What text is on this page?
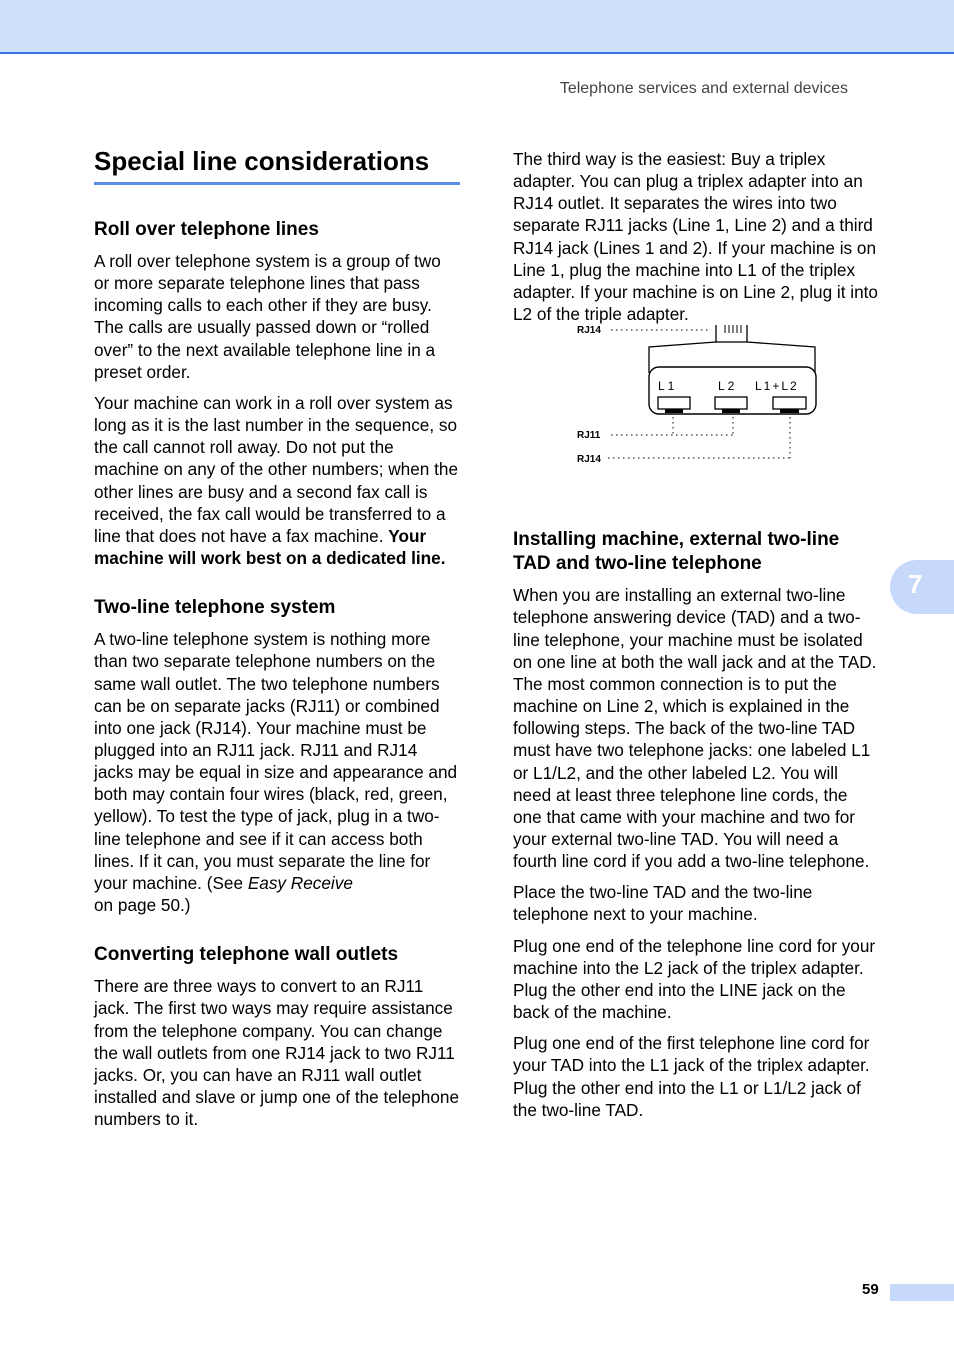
Telephone services and external devices
Special line considerations
Roll over telephone lines

A roll over telephone system is a group of two or more separate telephone lines that pass incoming calls to each other if they are busy. The calls are usually passed down or “rolled over” to the next available telephone line in a preset order.

Your machine can work in a roll over system as long as it is the last number in the sequence, so the call cannot roll away. Do not put the machine on any of the other numbers; when the other lines are busy and a second fax call is received, the fax call would be transferred to a line that does not have a fax machine. Your machine will work best on a dedicated line.

Two-line telephone system

A two-line telephone system is nothing more than two separate telephone numbers on the same wall outlet. The two telephone numbers can be on separate jacks (RJ11) or combined into one jack (RJ14). Your machine must be plugged into an RJ11 jack. RJ11 and RJ14 jacks may be equal in size and appearance and both may contain four wires (black, red, green, yellow). To test the type of jack, plug in a two-line telephone and see if it can access both lines. If it can, you must separate the line for your machine. (See Easy Receive
on page 50.)

Converting telephone wall outlets

There are three ways to convert to an RJ11 jack. The first two ways may require assistance from the telephone company. You can change the wall outlets from one RJ14 jack to two RJ11 jacks. Or, you can have an RJ11 wall outlet installed and slave or jump one of the telephone numbers to it.

The third way is the easiest: Buy a triplex adapter. You can plug a triplex adapter into an RJ14 outlet. It separates the wires into two separate RJ11 jacks (Line 1, Line 2) and a third RJ14 jack (Lines 1 and 2). If your machine is on Line 1, plug the machine into L1 of the triplex adapter. If your machine is on Line 2, plug it into L2 of the triple adapter.

RJ14
RJ11
RJ14
L1	L2 L1+L2
Installing machine, external two-line TAD and two-line telephone

When you are installing an external two-line telephone answering device (TAD) and a two-line telephone, your machine must be isolated on one line at both the wall jack and at the TAD. The most common connection is to put the machine on Line 2, which is explained in the following steps. The back of the two-line TAD must have two telephone jacks: one labeled L1 or L1/L2, and the other labeled L2. You will need at least three telephone line cords, the one that came with your machine and two for your external two-line TAD. You will need a fourth line cord if you add a two-line telephone.

Place the two-line TAD and the two-line telephone next to your machine.

Plug one end of the telephone line cord for your machine into the L2 jack of the triplex adapter. Plug the other end into the LINE jack on the back of the machine.

Plug one end of the first telephone line cord for your TAD into the L1 jack of the triplex adapter. Plug the other end into the L1 or L1/L2 jack of the two-line TAD.

7
59
